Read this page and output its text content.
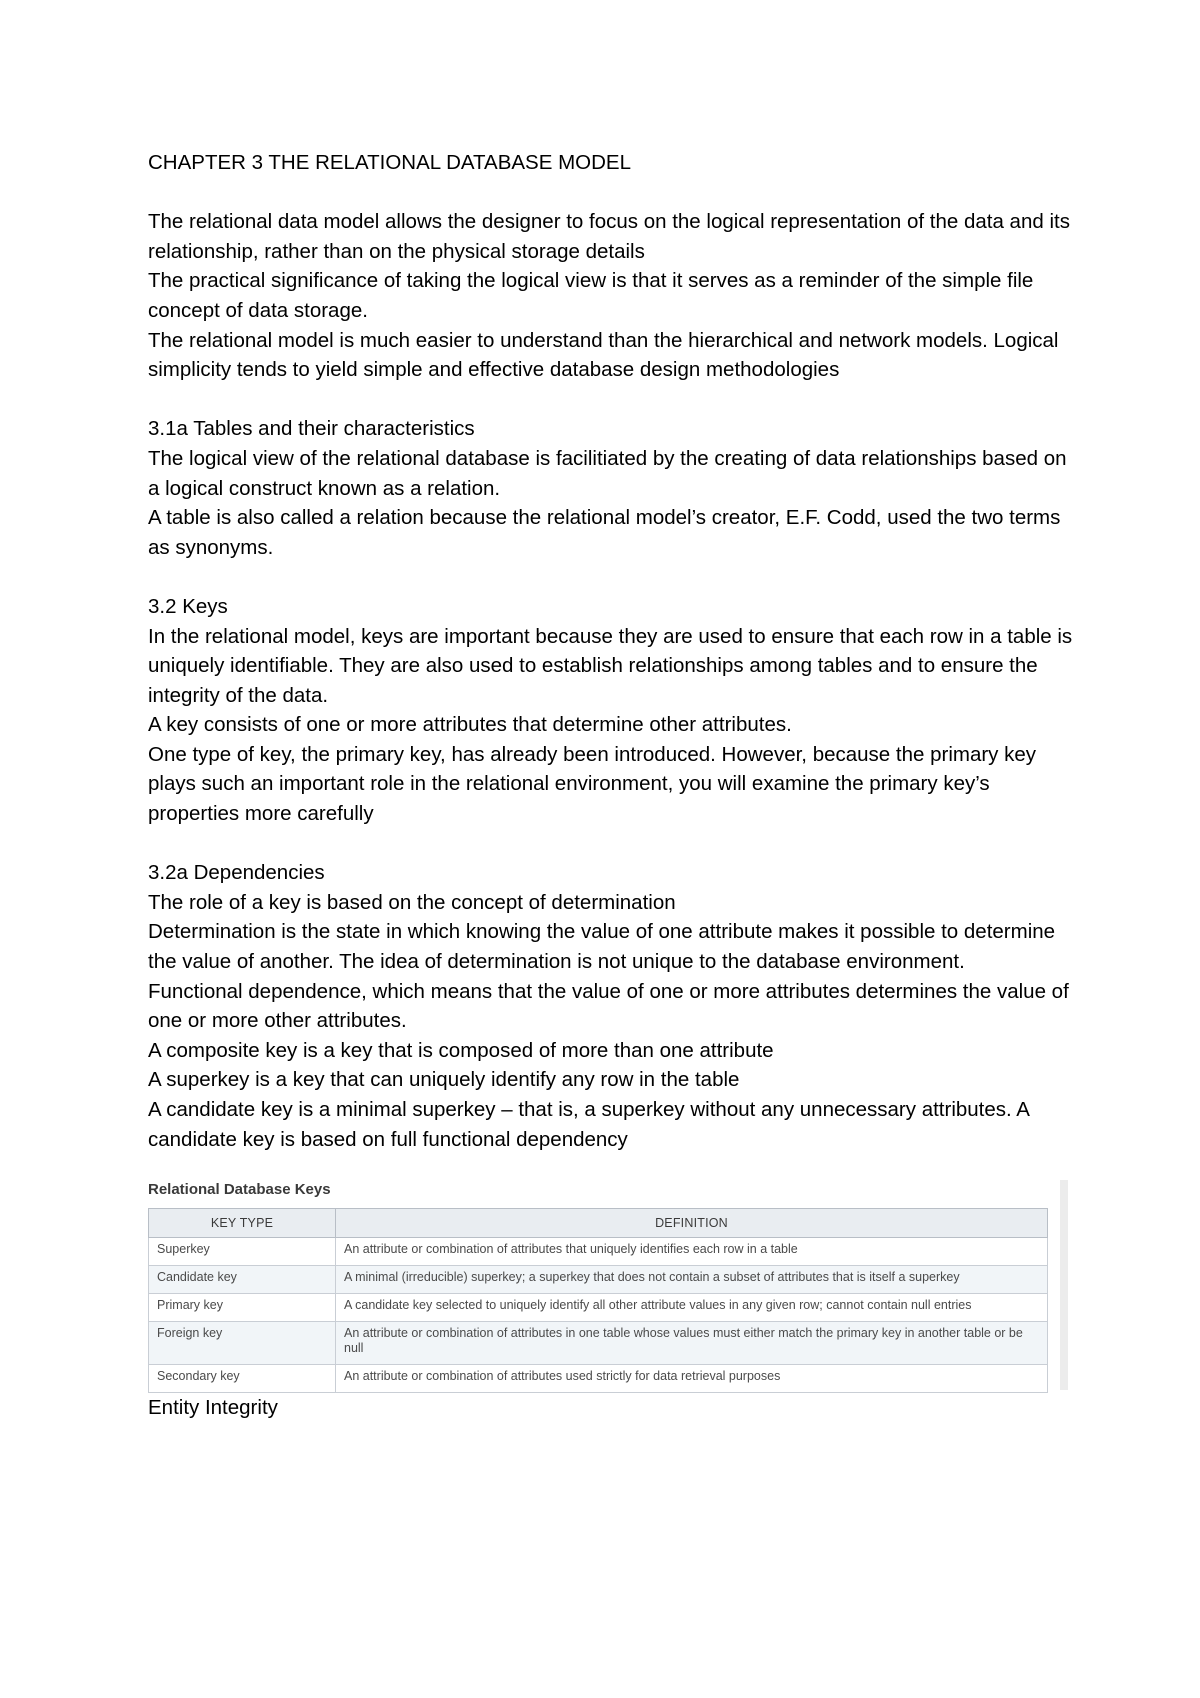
CHAPTER 3 THE RELATIONAL DATABASE MODEL

The relational data model allows the designer to focus on the logical representation of the data and its relationship, rather than on the physical storage details

The practical significance of taking the logical view is that it serves as a reminder of the simple file concept of data storage.

The relational model is much easier to understand than the hierarchical and network models. Logical simplicity tends to yield simple and effective database design methodologies

3.1a Tables and their characteristics

The logical view of the relational database is facilitiated by the creating of data relationships based on a logical construct known as a relation.

A table is also called a relation because the relational model’s creator, E.F. Codd, used the two terms as synonyms.

3.2 Keys

In the relational model, keys are important because they are used to ensure that each row in a table is uniquely identifiable. They are also used to establish relationships among tables and to ensure the integrity of the data.

A key consists of one or more attributes that determine other attributes.

One type of key, the primary key, has already been introduced. However, because the primary key plays such an important role in the relational environment, you will examine the primary key’s properties more carefully

3.2a Dependencies

The role of a key is based on the concept of determination

Determination is the state in which knowing the value of one attribute makes it possible to determine the value of another. The idea of determination is not unique to the database environment.

Functional dependence, which means that the value of one or more attributes determines the value of one or more other attributes.

A composite key is a key that is composed of more than one attribute

A superkey is a key that can uniquely identify any row in the table

A candidate key is a minimal superkey – that is, a superkey without any unnecessary attributes. A candidate key is based on full functional dependency

Relational Database Keys

KEY TYPE	DEFINITION
Superkey	An attribute or combination of attributes that uniquely identifies each row in a table
Candidate key	A minimal (irreducible) superkey; a superkey that does not contain a subset of attributes that is itself a superkey
Primary key	A candidate key selected to uniquely identify all other attribute values in any given row; cannot contain null entries
Foreign key	An attribute or combination of attributes in one table whose values must either match the primary key in another table or be null
Secondary key	An attribute or combination of attributes used strictly for data retrieval purposes

Entity Integrity
